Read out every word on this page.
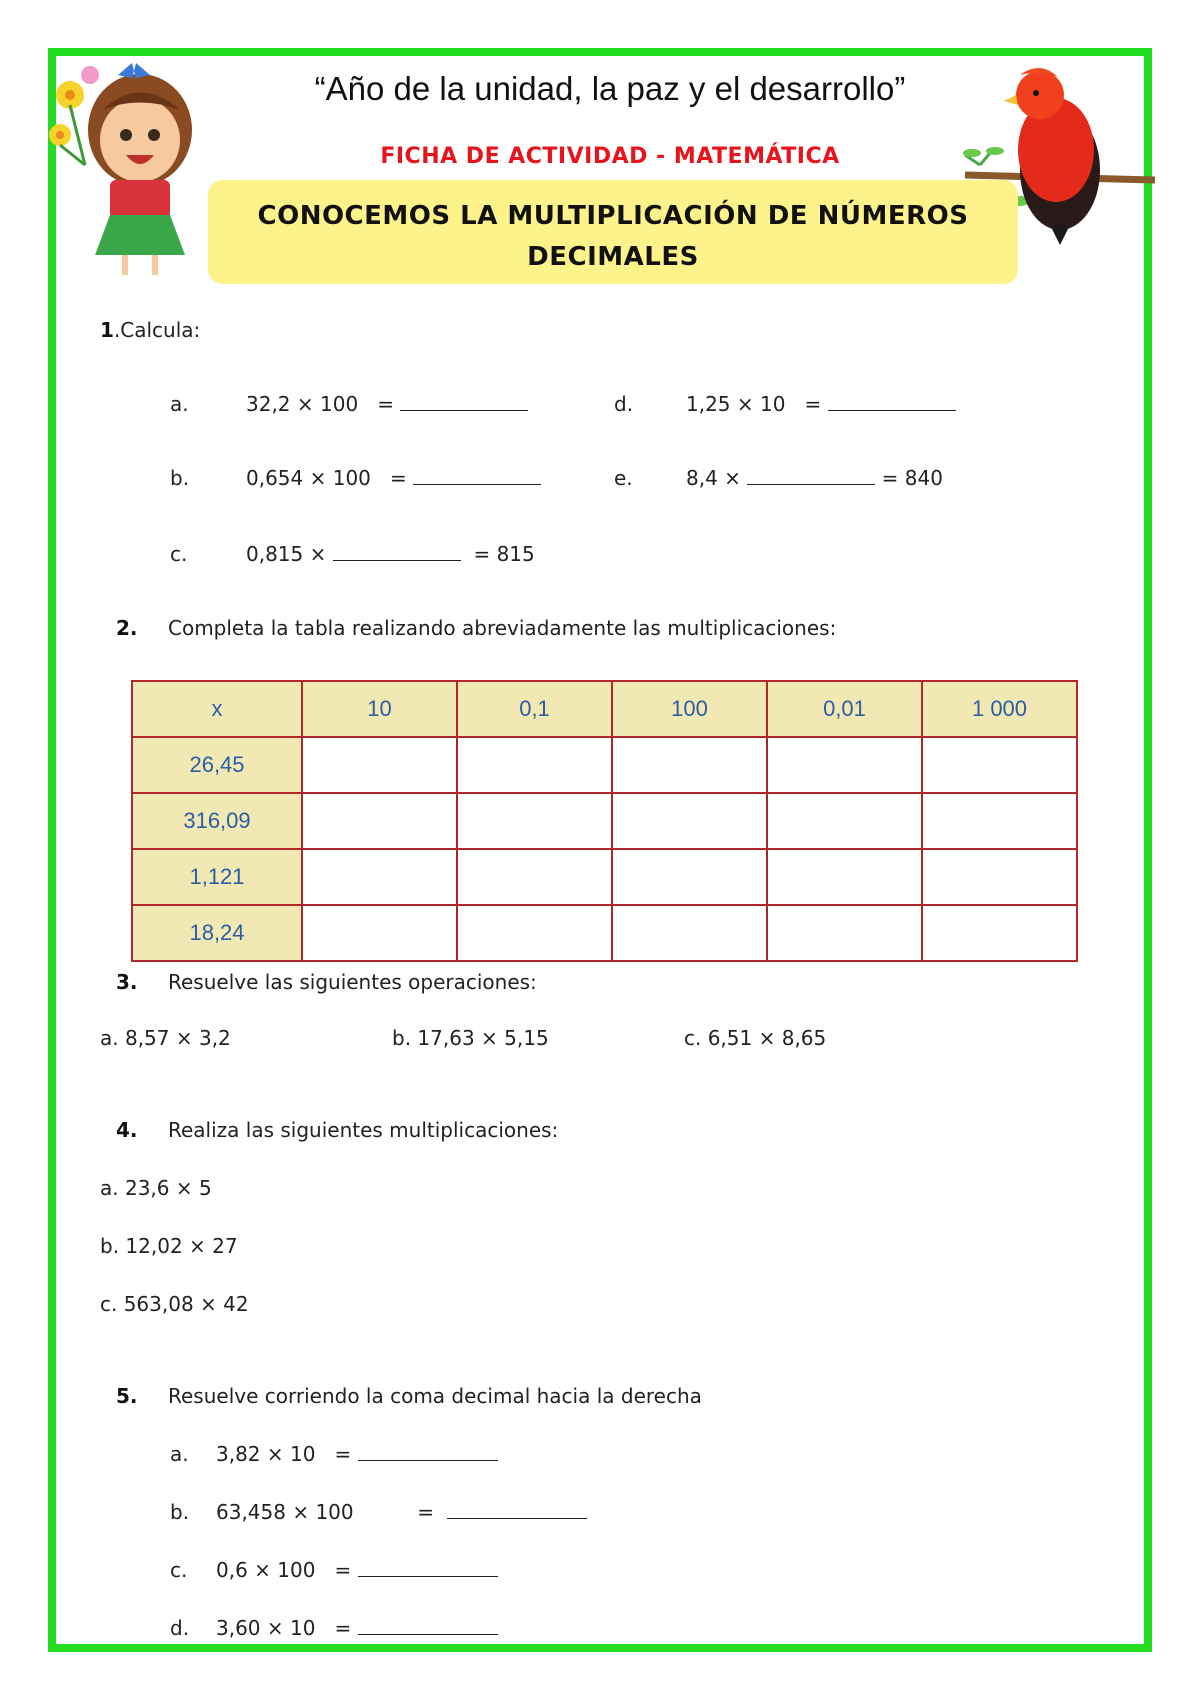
“Año de la unidad, la paz y el desarrollo”
FICHA DE ACTIVIDAD - MATEMÁTICA
CONOCEMOS LA MULTIPLICACIÓN DE NÚMEROS
DECIMALES
1.Calcula:
a.	32,2 × 100 =	d.	1,25 × 10 =
b.	0,654 × 100 =	e.	8,4 ×	= 840
c.	0,815 ×	= 815
2. Completa la tabla realizando abreviadamente las multiplicaciones:
x	10	0,1	100	0,01	1 000
26,45					
316,09					
1,121					
18,24					
3. Resuelve las siguientes operaciones:
a. 8,57 × 3,2	b. 17,63 × 5,15	c. 6,51 × 8,65
4. Realiza las siguientes multiplicaciones:
a. 23,6 × 5
b. 12,02 × 27
c. 563,08 × 42
5. Resuelve corriendo la coma decimal hacia la derecha
a. 3,82 × 10 =
b. 63,458 × 100	=
c. 0,6 × 100 =
d. 3,60 × 10 =
